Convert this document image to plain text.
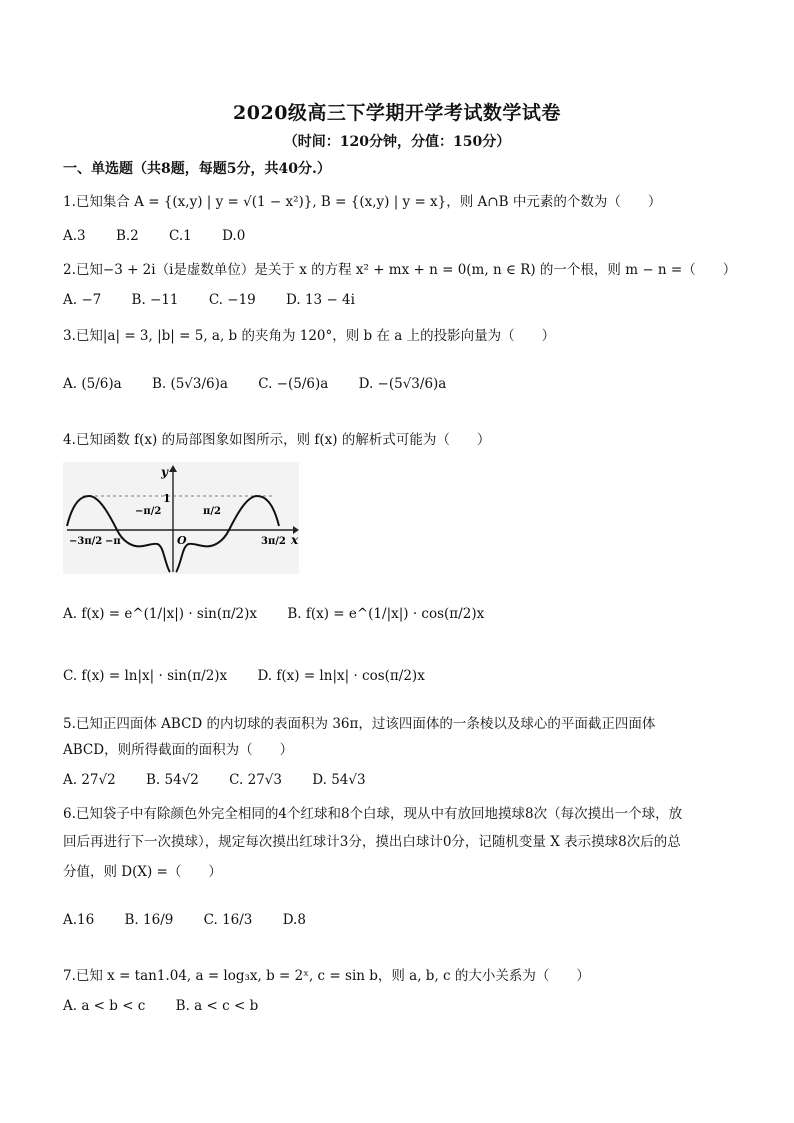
2020级高三下学期开学考试数学试卷
（时间：120分钟，分值：150分）
一、单选题（共8题，每题5分，共40分.）
1.已知集合 A = {(x,y) | y = √(1 − x²)}, B = {(x,y) | y = x}，则 A∩B 中元素的个数为（　　）
A.3 B.2 C.1 D.0
2.已知−3 + 2i（i是虚数单位）是关于 x 的方程 x² + mx + n = 0(m, n ∈ R) 的一个根，则 m − n =（　　）
A. −7 B. −11 C. −19 D. 13 − 4i
3.已知|a| = 3, |b| = 5, a, b 的夹角为 120°，则 b 在 a 上的投影向量为（　　）
A. (5/6)a B. (5√3/6)a C. −(5/6)a D. −(5√3/6)a
4.已知函数 f(x) 的局部图象如图所示，则 f(x) 的解析式可能为（　　）
y
x
O
1
−π/2	π/2
−π
−3π/2	3π/2
A. f(x) = e^(1/|x|) · sin(π/2)x B. f(x) = e^(1/|x|) · cos(π/2)x
C. f(x) = ln|x| · sin(π/2)x D. f(x) = ln|x| · cos(π/2)x
5.已知正四面体 ABCD 的内切球的表面积为 36π，过该四面体的一条棱以及球心的平面截正四面体
ABCD，则所得截面的面积为（　　）
A. 27√2 B. 54√2 C. 27√3 D. 54√3
6.已知袋子中有除颜色外完全相同的4个红球和8个白球，现从中有放回地摸球8次（每次摸出一个球，放
回后再进行下一次摸球），规定每次摸出红球计3分，摸出白球计0分，记随机变量 X 表示摸球8次后的总
分值，则 D(X) =（　　）
A.16 B. 16/9 C. 16/3 D.8
7.已知 x = tan1.04, a = log₃x, b = 2ˣ, c = sin b，则 a, b, c 的大小关系为（　　）
A. a < b < c B. a < c < b
